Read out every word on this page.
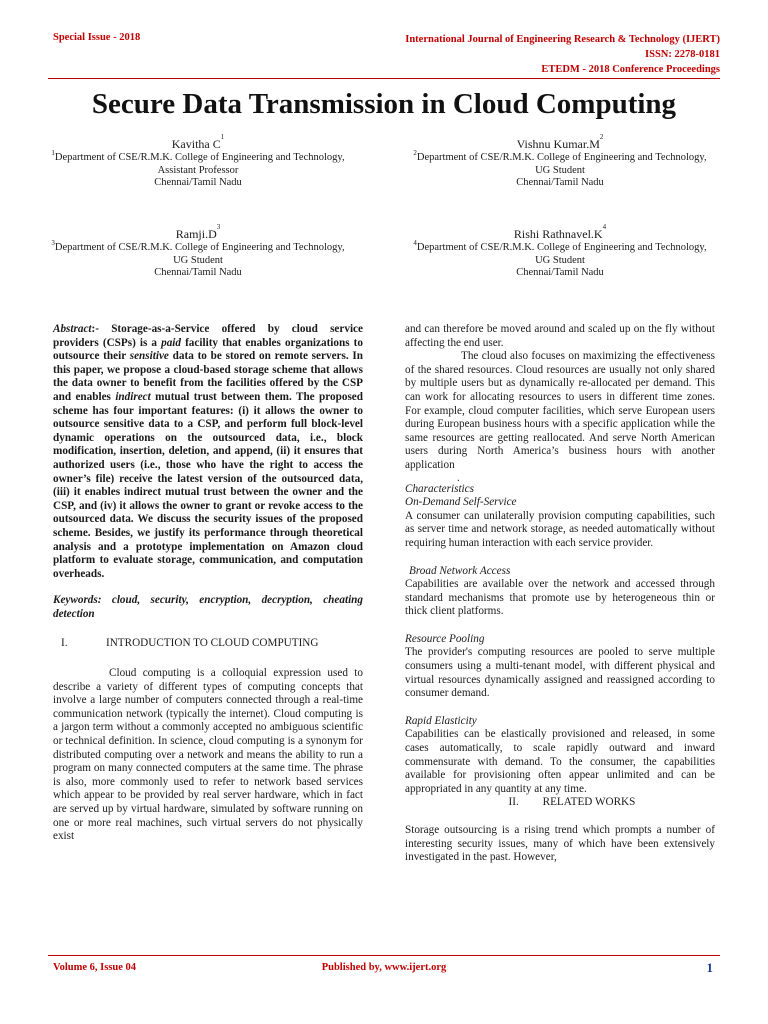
Special Issue - 2018	International Journal of Engineering Research & Technology (IJERT)
ISSN: 2278-0181
ETEDM - 2018 Conference Proceedings
Secure Data Transmission in Cloud Computing
Kavitha $C^1$
$^1$Department of CSE/R.M.K. College of Engineering and Technology,
Assistant Professor
Chennai/Tamil Nadu
Vishnu $Kumar.M^2$
$^2$Department of CSE/R.M.K. College of Engineering and Technology,
UG Student
Chennai/Tamil Nadu
$Ramji.D^3$
$^3$Department of CSE/R.M.K. College of Engineering and Technology,
UG Student
Chennai/Tamil Nadu
Rishi $Rathnavel.K^4$
$^4$Department of CSE/R.M.K. College of Engineering and Technology,
UG Student
Chennai/Tamil Nadu

Abstract:- Storage-as-a-Service offered by cloud service providers (CSPs) is a paid facility that enables organizations to outsource their sensitive data to be stored on remote servers. In this paper, we propose a cloud-based storage scheme that allows the data owner to benefit from the facilities offered by the CSP and enables indirect mutual trust between them. The proposed scheme has four important features: (i) it allows the owner to outsource sensitive data to a CSP, and perform full block-level dynamic operations on the outsourced data, i.e., block modification, insertion, deletion, and append, (ii) it ensures that authorized users (i.e., those who have the right to access the owner’s file) receive the latest version of the outsourced data, (iii) it enables indirect mutual trust between the owner and the CSP, and (iv) it allows the owner to grant or revoke access to the outsourced data. We discuss the security issues of the proposed scheme. Besides, we justify its performance through theoretical analysis and a prototype implementation on Amazon cloud platform to evaluate storage, communication, and computation overheads.

Keywords: cloud, security, encryption, decryption, cheating detection

I.	INTRODUCTION TO CLOUD COMPUTING

Cloud computing is a colloquial expression used to describe a variety of different types of computing concepts that involve a large number of computers connected through a real-time communication network (typically the internet). Cloud computing is a jargon term without a commonly accepted no ambiguous scientific or technical definition. In science, cloud computing is a synonym for distributed computing over a network and means the ability to run a program on many connected computers at the same time. The phrase is also, more commonly used to refer to network based services which appear to be provided by real server hardware, which in fact are served up by virtual hardware, simulated by software running on one or more real machines, such virtual servers do not physically exist

and can therefore be moved around and scaled up on the fly without affecting the end user.

The cloud also focuses on maximizing the effectiveness of the shared resources. Cloud resources are usually not only shared by multiple users but as dynamically re-allocated per demand. This can work for allocating resources to users in different time zones. For example, cloud computer facilities, which serve European users during European business hours with a specific application while the same resources are getting reallocated. And serve North American users during North America’s business hours with another application

.

Characteristics

On-Demand Self-Service

A consumer can unilaterally provision computing capabilities, such as server time and network storage, as needed automatically without requiring human interaction with each service provider.

Broad Network Access

Capabilities are available over the network and accessed through standard mechanisms that promote use by heterogeneous thin or thick client platforms.

Resource Pooling

The provider's computing resources are pooled to serve multiple consumers using a multi-tenant model, with different physical and virtual resources dynamically assigned and reassigned according to consumer demand.

Rapid Elasticity

Capabilities can be elastically provisioned and released, in some cases automatically, to scale rapidly outward and inward commensurate with demand. To the consumer, the capabilities available for provisioning often appear unlimited and can be appropriated in any quantity at any time.

II. RELATED WORKS

Storage outsourcing is a rising trend which prompts a number of interesting security issues, many of which have been extensively investigated in the past. However,

Volume 6, Issue 04	Published by, www.ijert.org	1
